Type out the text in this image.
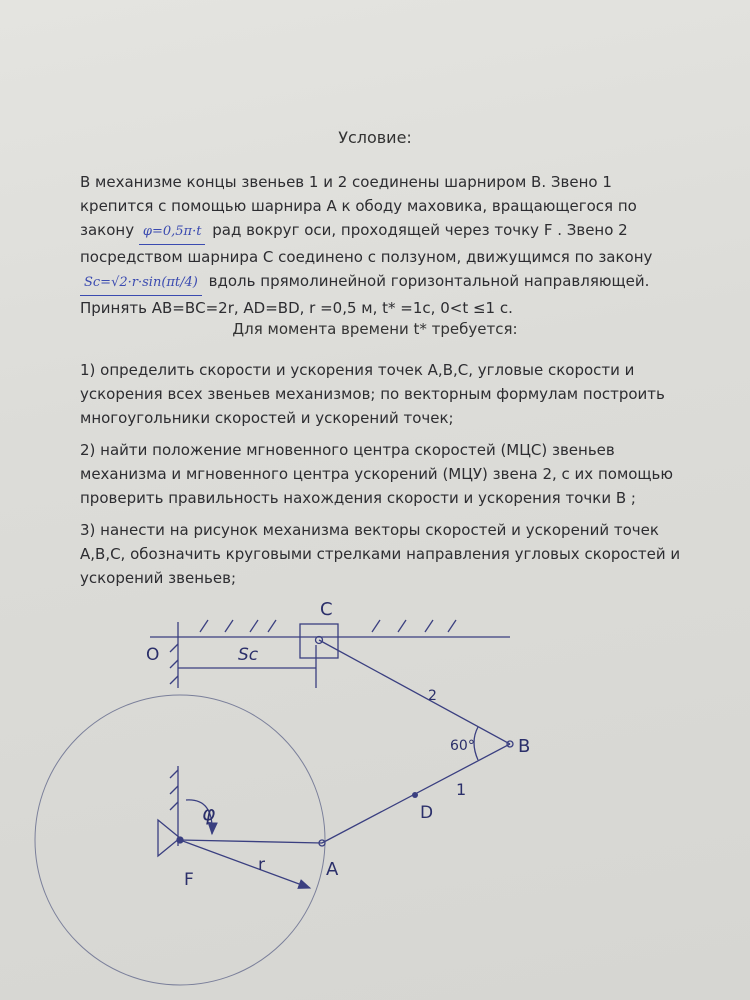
Условие:
В механизме концы звеньев 1 и 2 соединены шарниром В. Звено 1
крепится с помощью шарнира А к ободу маховика, вращающегося по
закону φ=0,5π·t рад вокруг оси, проходящей через точку F . Звено 2
посредством шарнира С соединено с ползуном, движущимся по закону
Sc=√2·r·sin(πt/4) вдоль прямолинейной горизонтальной направляющей.
Принять АВ=ВС=2r, AD=BD, r =0,5 м, t* =1с, 0<t ≤1 с.
Для момента времени t* требуется:
1) определить скорости и ускорения точек А,В,С, угловые скорости и
ускорения всех звеньев механизмов; по векторным формулам построить
многоугольники скоростей и ускорений точек;
2) найти положение мгновенного центра скоростей (МЦС) звеньев
механизма и мгновенного центра ускорений (МЦУ) звена 2, с их помощью
проверить правильность нахождения скорости и ускорения точки В ;
3) нанести на рисунок механизма векторы скоростей и ускорений точек
А,В,С, обозначить круговыми стрелками направления угловых скоростей и
ускорений звеньев;
C
O	Sc
2
60° B
D
1
φ
r	A
F
